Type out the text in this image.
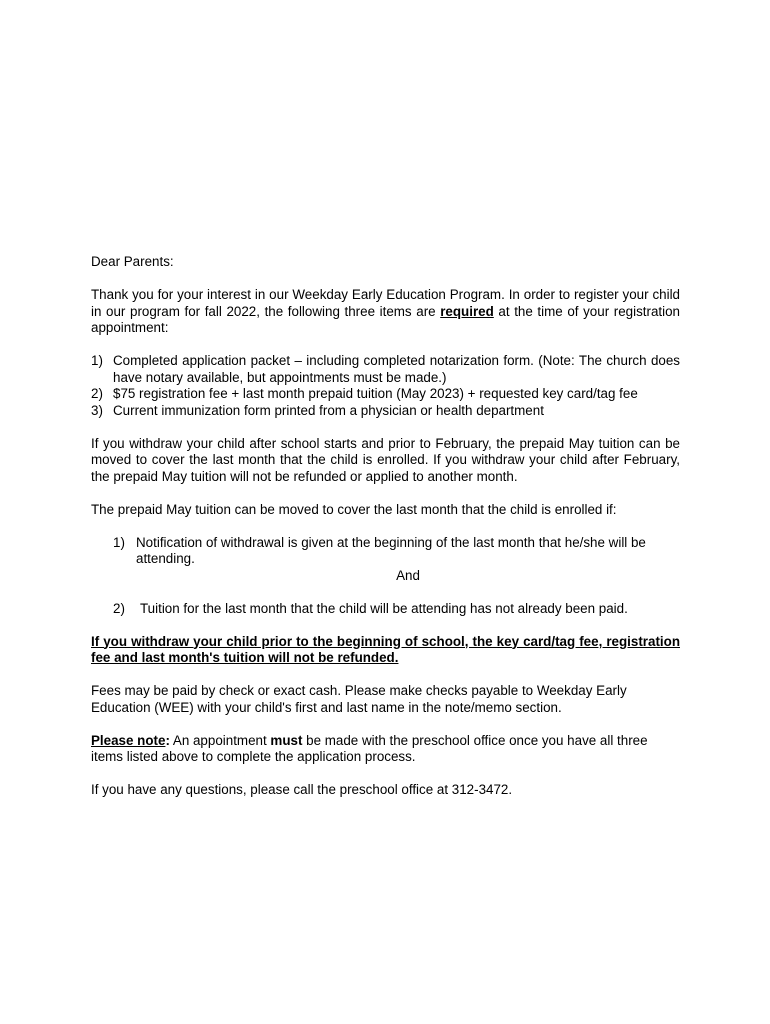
Dear Parents:

Thank you for your interest in our Weekday Early Education Program. In order to register your child in our program for fall 2022, the following three items are required at the time of your registration appointment:

1) Completed application packet – including completed notarization form. (Note: The church does have notary available, but appointments must be made.)
2) $75 registration fee + last month prepaid tuition (May 2023) + requested key card/tag fee
3) Current immunization form printed from a physician or health department

If you withdraw your child after school starts and prior to February, the prepaid May tuition can be moved to cover the last month that the child is enrolled. If you withdraw your child after February, the prepaid May tuition will not be refunded or applied to another month.

The prepaid May tuition can be moved to cover the last month that the child is enrolled if:

1) Notification of withdrawal is given at the beginning of the last month that he/she will be attending.
And
2) Tuition for the last month that the child will be attending has not already been paid.

If you withdraw your child prior to the beginning of school, the key card/tag fee, registration fee and last month's tuition will not be refunded.

Fees may be paid by check or exact cash. Please make checks payable to Weekday Early Education (WEE) with your child's first and last name in the note/memo section.

Please note: An appointment must be made with the preschool office once you have all three items listed above to complete the application process.

If you have any questions, please call the preschool office at 312-3472.
